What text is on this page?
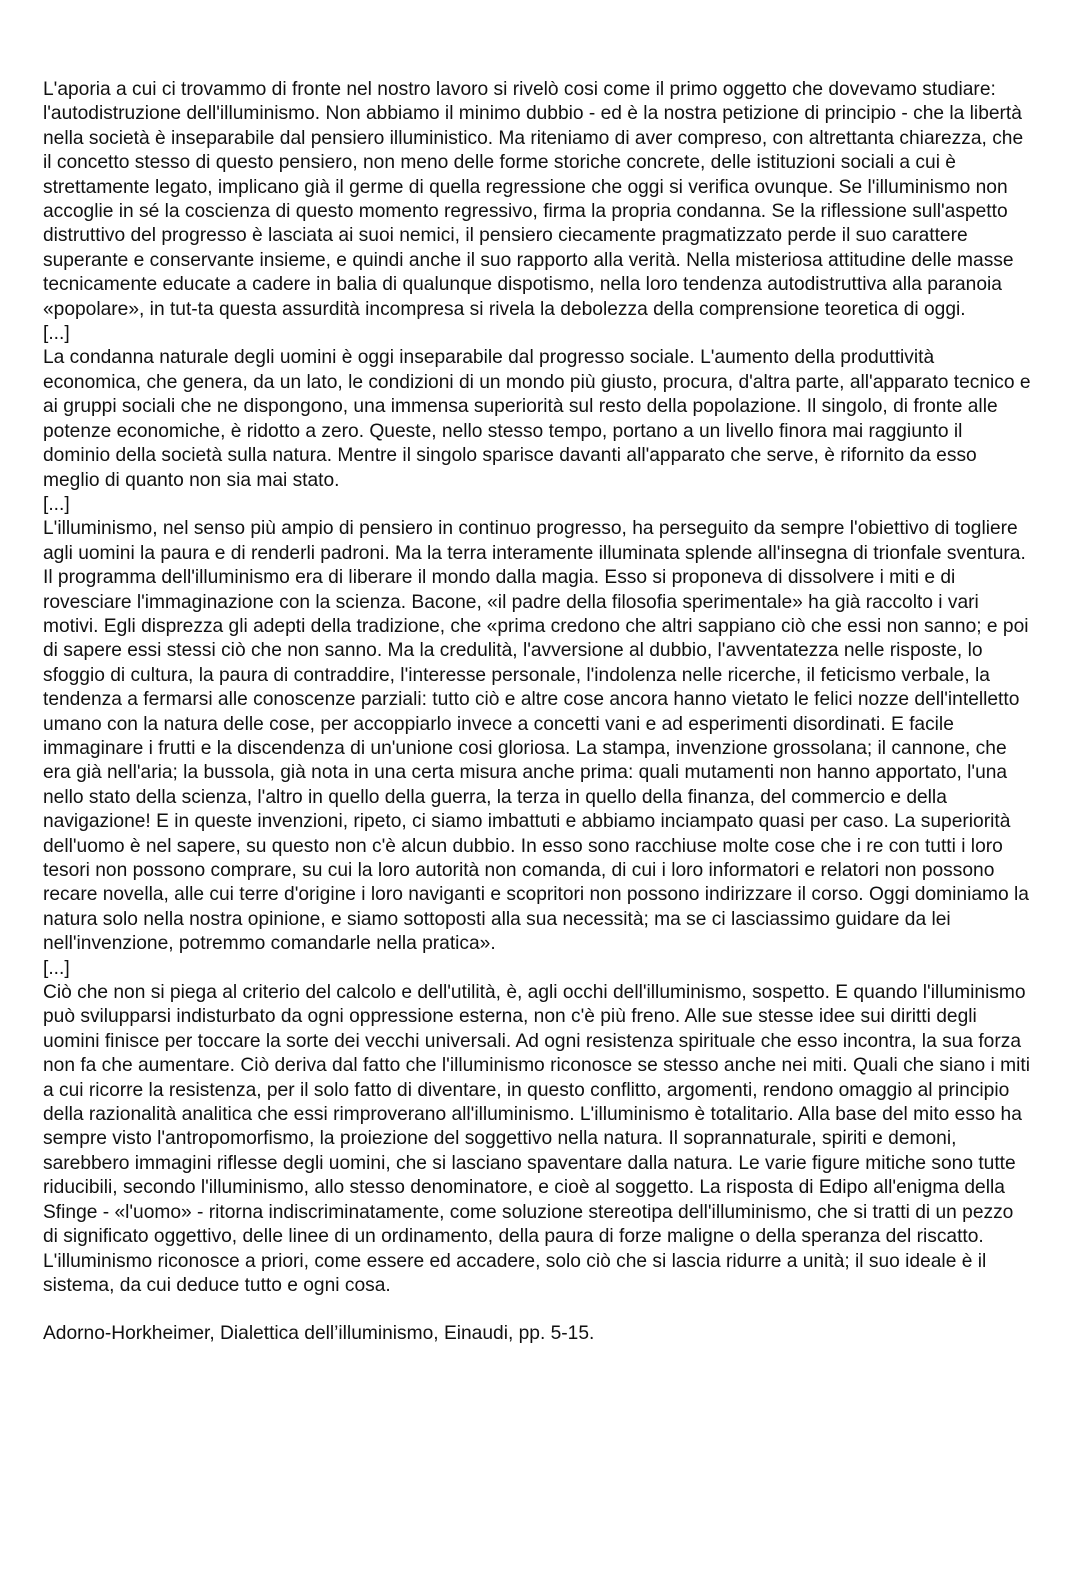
L'aporia a cui ci trovammo di fronte nel nostro lavoro si rivelò cosi come il primo oggetto che dovevamo studiare: l'autodistruzione dell'illuminismo. Non abbiamo il minimo dubbio - ed è la nostra petizione di principio - che la libertà nella società è inseparabile dal pensiero illuministico. Ma riteniamo di aver compreso, con altrettanta chiarezza, che il concetto stesso di questo pensiero, non meno delle forme storiche concrete, delle istituzioni sociali a cui è strettamente legato, implicano già il germe di quella regressione che oggi si verifica ovunque. Se l'illuminismo non accoglie in sé la coscienza di questo momento regressivo, firma la propria condanna. Se la riflessione sull'aspetto distruttivo del progresso è lasciata ai suoi nemici, il pensiero ciecamente pragmatizzato perde il suo carattere superante e conservante insieme, e quindi anche il suo rapporto alla verità. Nella misteriosa attitudine delle masse tecnicamente educate a cadere in balia di qualunque dispotismo, nella loro tendenza autodistruttiva alla paranoia «popolare», in tut-ta questa assurdità incompresa si rivela la debolezza della comprensione teoretica di oggi.

[...]

La condanna naturale degli uomini è oggi inseparabile dal progresso sociale. L'aumento della produttività economica, che genera, da un lato, le condizioni di un mondo più giusto, procura, d'altra parte, all'apparato tecnico e ai gruppi sociali che ne dispongono, una immensa superiorità sul resto della popolazione. Il singolo, di fronte alle potenze economiche, è ridotto a zero. Queste, nello stesso tempo, portano a un livello finora mai raggiunto il dominio della società sulla natura. Mentre il singolo sparisce davanti all'apparato che serve, è rifornito da esso meglio di quanto non sia mai stato.

[...]

L'illuminismo, nel senso più ampio di pensiero in continuo progresso, ha perseguito da sempre l'obiettivo di togliere agli uomini la paura e di renderli padroni. Ma la terra interamente illuminata splende all'insegna di trionfale sventura. Il programma dell'illuminismo era di liberare il mondo dalla magia. Esso si proponeva di dissolvere i miti e di rovesciare l'immaginazione con la scienza. Bacone, «il padre della filosofia sperimentale» ha già raccolto i vari motivi. Egli disprezza gli adepti della tradizione, che «prima credono che altri sappiano ciò che essi non sanno; e poi di sapere essi stessi ciò che non sanno. Ma la credulità, l'avversione al dubbio, l'avventatezza nelle risposte, lo sfoggio di cultura, la paura di contraddire, l'interesse personale, l'indolenza nelle ricerche, il feticismo verbale, la tendenza a fermarsi alle conoscenze parziali: tutto ciò e altre cose ancora hanno vietato le felici nozze dell'intelletto umano con la natura delle cose, per accoppiarlo invece a concetti vani e ad esperimenti disordinati. E facile immaginare i frutti e la discendenza di un'unione cosi gloriosa. La stampa, invenzione grossolana; il cannone, che era già nell'aria; la bussola, già nota in una certa misura anche prima: quali mutamenti non hanno apportato, l'una nello stato della scienza, l'altro in quello della guerra, la terza in quello della finanza, del commercio e della navigazione! E in queste invenzioni, ripeto, ci siamo imbattuti e abbiamo inciampato quasi per caso. La superiorità dell'uomo è nel sapere, su questo non c'è alcun dubbio. In esso sono racchiuse molte cose che i re con tutti i loro tesori non possono comprare, su cui la loro autorità non comanda, di cui i loro informatori e relatori non possono recare novella, alle cui terre d'origine i loro naviganti e scopritori non possono indirizzare il corso. Oggi dominiamo la natura solo nella nostra opinione, e siamo sottoposti alla sua necessità; ma se ci lasciassimo guidare da lei nell'invenzione, potremmo comandarle nella pratica».

[...]

Ciò che non si piega al criterio del calcolo e dell'utilità, è, agli occhi dell'illuminismo, sospetto. E quando l'illuminismo può svilupparsi indisturbato da ogni oppressione esterna, non c'è più freno. Alle sue stesse idee sui diritti degli uomini finisce per toccare la sorte dei vecchi universali. Ad ogni resistenza spirituale che esso incontra, la sua forza non fa che aumentare. Ciò deriva dal fatto che l'illuminismo riconosce se stesso anche nei miti. Quali che siano i miti a cui ricorre la resistenza, per il solo fatto di diventare, in questo conflitto, argomenti, rendono omaggio al principio della razionalità analitica che essi rimproverano all'illuminismo. L'illuminismo è totalitario. Alla base del mito esso ha sempre visto l'antropomorfismo, la proiezione del soggettivo nella natura. Il soprannaturale, spiriti e demoni, sarebbero immagini riflesse degli uomini, che si lasciano spaventare dalla natura. Le varie figure mitiche sono tutte riducibili, secondo l'illuminismo, allo stesso denominatore, e cioè al soggetto. La risposta di Edipo all'enigma della Sfinge - «l'uomo» - ritorna indiscriminatamente, come soluzione stereotipa dell'illuminismo, che si tratti di un pezzo di significato oggettivo, delle linee di un ordinamento, della paura di forze maligne o della speranza del riscatto. L'illuminismo riconosce a priori, come essere ed accadere, solo ciò che si lascia ridurre a unità; il suo ideale è il sistema, da cui deduce tutto e ogni cosa.

Adorno-Horkheimer, Dialettica dell’illuminismo, Einaudi, pp. 5-15.
